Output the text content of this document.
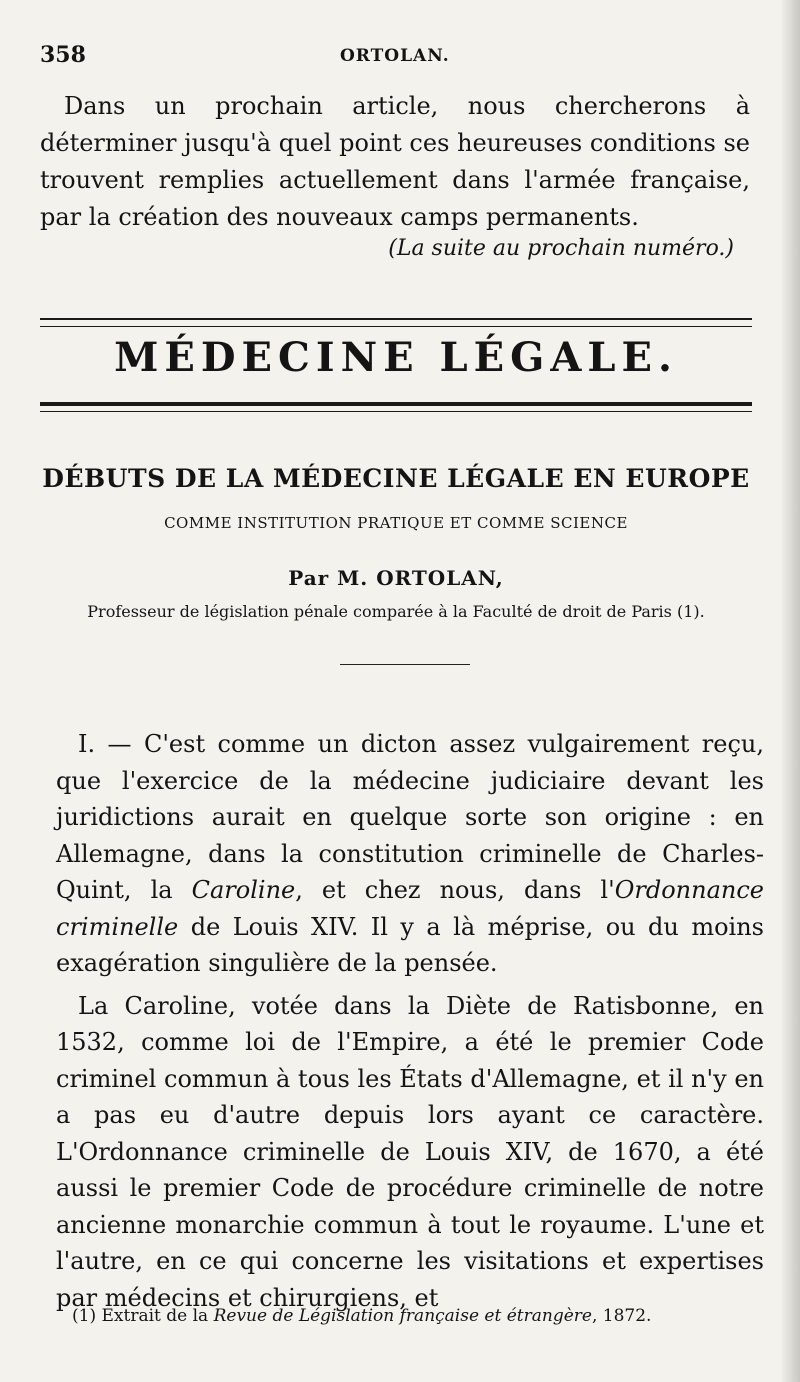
358	ORTOLAN.

Dans un prochain article, nous chercherons à déterminer jusqu'à quel point ces heureuses conditions se trouvent remplies actuellement dans l'armée française, par la création des nouveaux camps permanents.

(La suite au prochain numéro.)

MÉDECINE LÉGALE.
DÉBUTS DE LA MÉDECINE LÉGALE EN EUROPE

COMME INSTITUTION PRATIQUE ET COMME SCIENCE

Par M. ORTOLAN,

Professeur de législation pénale comparée à la Faculté de droit de Paris (1).

I. — C'est comme un dicton assez vulgairement reçu, que l'exercice de la médecine judiciaire devant les juridictions aurait en quelque sorte son origine : en Allemagne, dans la constitution criminelle de Charles-Quint, la Caroline, et chez nous, dans l'Ordonnance criminelle de Louis XIV. Il y a là méprise, ou du moins exagération singulière de la pensée.

La Caroline, votée dans la Diète de Ratisbonne, en 1532, comme loi de l'Empire, a été le premier Code criminel commun à tous les États d'Allemagne, et il n'y en a pas eu d'autre depuis lors ayant ce caractère. L'Ordonnance criminelle de Louis XIV, de 1670, a été aussi le premier Code de procédure criminelle de notre ancienne monarchie commun à tout le royaume. L'une et l'autre, en ce qui concerne les visitations et expertises par médecins et chirurgiens, et

(1) Extrait de la Revue de Législation française et étrangère, 1872.
